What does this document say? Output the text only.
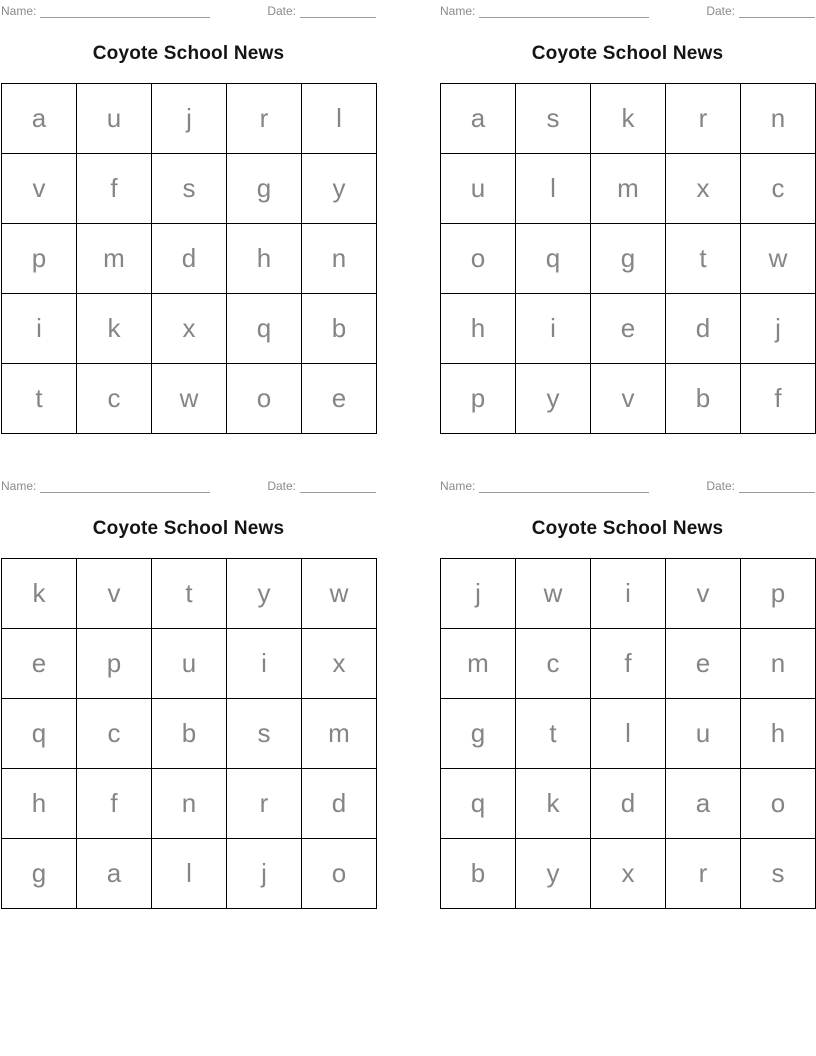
Name:	Date:
Coyote School News
a	u	j	r	l
v	f	s	g	y
p	m	d	h	n
i	k	x	q	b
t	c	w	o	e
Name:	Date:
Coyote School News
a	s	k	r	n
u	l	m	x	c
o	q	g	t	w
h	i	e	d	j
p	y	v	b	f
Name:	Date:
Coyote School News
k	v	t	y	w
e	p	u	i	x
q	c	b	s	m
h	f	n	r	d
g	a	l	j	o
Name:	Date:
Coyote School News
j	w	i	v	p
m	c	f	e	n
g	t	l	u	h
q	k	d	a	o
b	y	x	r	s
